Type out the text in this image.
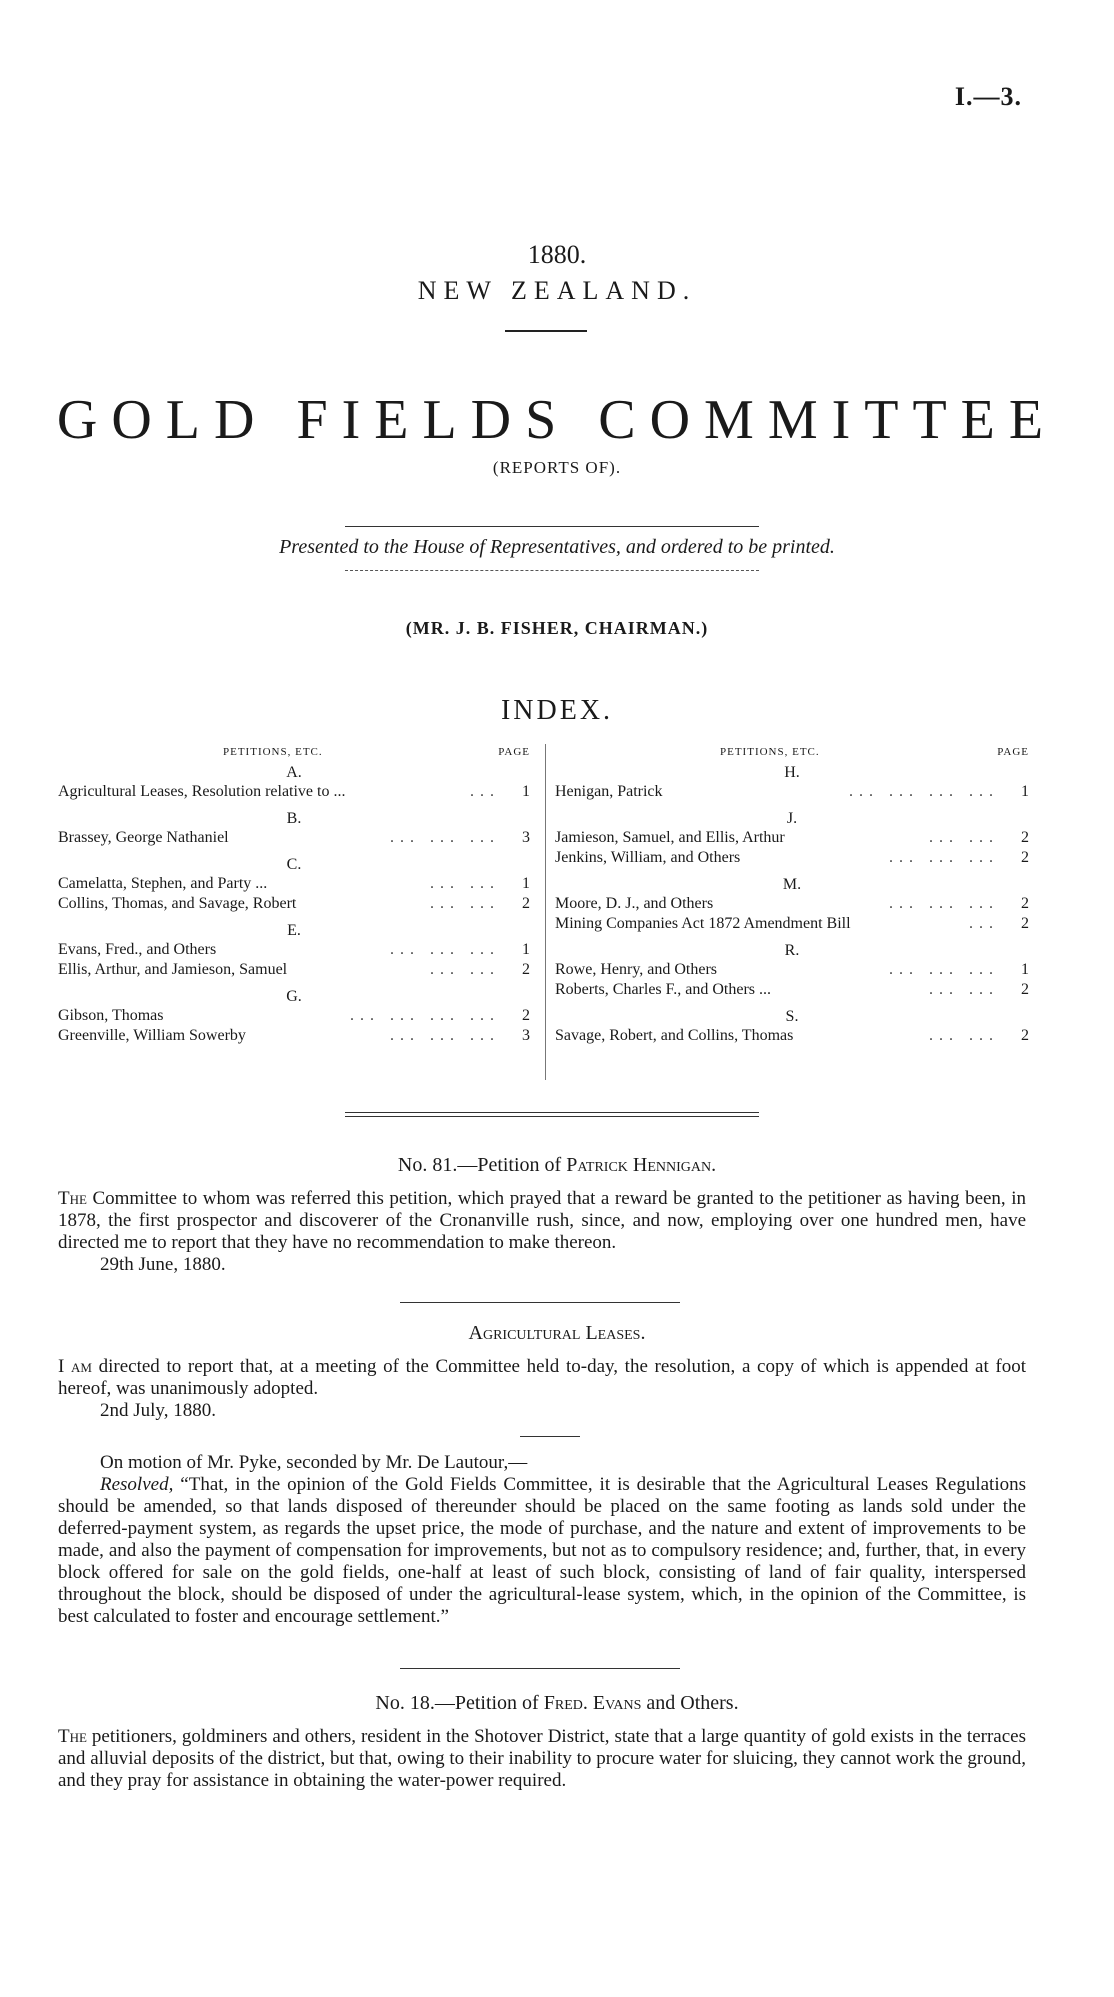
I.—3.
1880.
NEW ZEALAND.
GOLD FIELDS COMMITTEE
(REPORTS OF).
Presented to the House of Representatives, and ordered to be printed.
(MR. J. B. FISHER, CHAIRMAN.)
INDEX.
PETITIONS, ETC.	PAGE
A.
Agricultural Leases, Resolution relative to ...	...	1
B.
Brassey, George Nathaniel	... ... ...	3
C.
Camelatta, Stephen, and Party ...	... ...	1
Collins, Thomas, and Savage, Robert	... ...	2
E.
Evans, Fred., and Others	... ... ...	1
Ellis, Arthur, and Jamieson, Samuel	... ...	2
G.
Gibson, Thomas	... ... ... ...	2
Greenville, William Sowerby	... ... ...	3
PETITIONS, ETC.	PAGE
H.
Henigan, Patrick	... ... ... ...	1
J.
Jamieson, Samuel, and Ellis, Arthur	... ...	2
Jenkins, William, and Others	... ... ...	2
M.
Moore, D. J., and Others	... ... ...	2
Mining Companies Act 1872 Amendment Bill	...	2
R.
Rowe, Henry, and Others	... ... ...	1
Roberts, Charles F., and Others ...	... ...	2
S.
Savage, Robert, and Collins, Thomas	... ...	2
No. 81.—Petition of Patrick Hennigan.

The Committee to whom was referred this petition, which prayed that a reward be granted to the petitioner as having been, in 1878, the first prospector and discoverer of the Cronanville rush, since, and now, employing over one hundred men, have directed me to report that they have no recommendation to make thereon.

29th June, 1880.

Agricultural Leases.

I am directed to report that, at a meeting of the Committee held to-day, the resolution, a copy of which is appended at foot hereof, was unanimously adopted.

2nd July, 1880.

On motion of Mr. Pyke, seconded by Mr. De Lautour,—

Resolved, “That, in the opinion of the Gold Fields Committee, it is desirable that the Agricultural Leases Regulations should be amended, so that lands disposed of thereunder should be placed on the same footing as lands sold under the deferred-payment system, as regards the upset price, the mode of purchase, and the nature and extent of improvements to be made, and also the payment of compensation for improvements, but not as to compulsory residence; and, further, that, in every block offered for sale on the gold fields, one-half at least of such block, consisting of land of fair quality, interspersed throughout the block, should be disposed of under the agricultural-lease system, which, in the opinion of the Committee, is best calculated to foster and encourage settlement.”

No. 18.—Petition of Fred. Evans and Others.

The petitioners, goldminers and others, resident in the Shotover District, state that a large quantity of gold exists in the terraces and alluvial deposits of the district, but that, owing to their inability to procure water for sluicing, they cannot work the ground, and they pray for assistance in obtaining the water-power required.
